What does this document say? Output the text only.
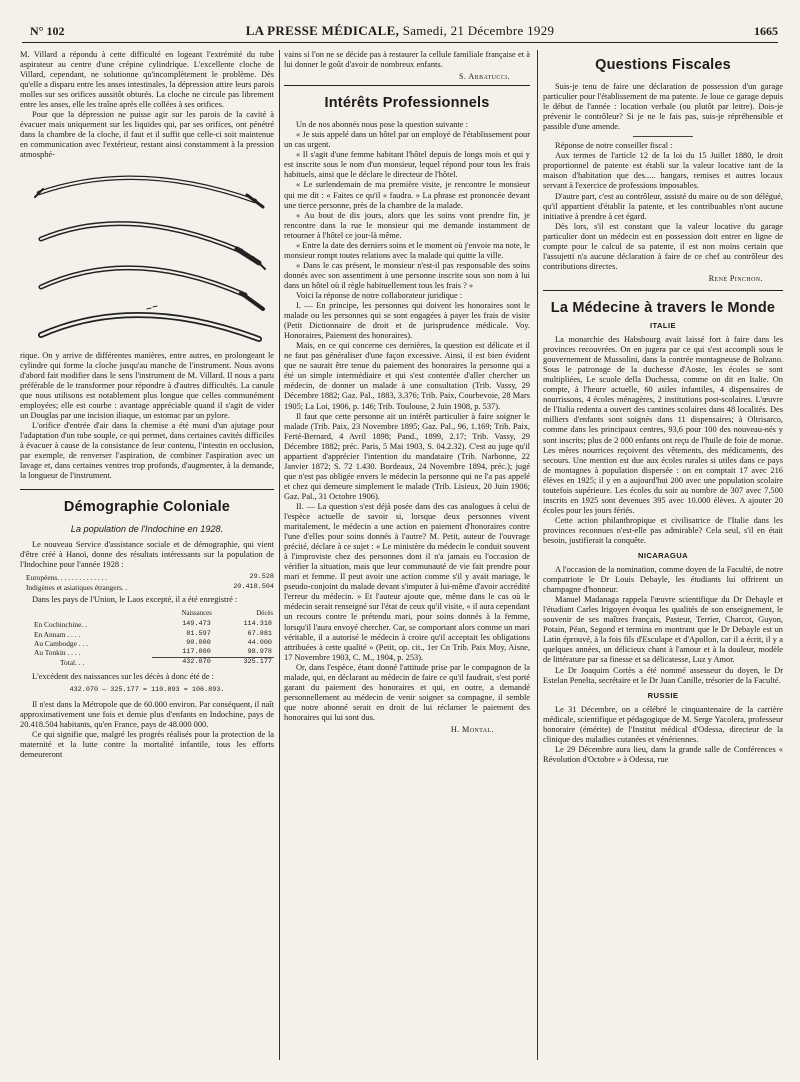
N° 102	LA PRESSE MÉDICALE, Samedi, 21 Décembre 1929	1665

M. Villard a répondu à cette difficulté en logeant l'extrémité du tube aspirateur au centre d'une crépine cylindrique. L'excellente cloche de Villard, cependant, ne solutionne qu'incomplètement le problème. Dès qu'elle a disparu entre les anses intestinales, la dépression attire leurs parois molles sur ses orifices aussitôt obturés. La cloche ne circule pas librement entre les anses, elle les traîne après elle collées à ses orifices.

Pour que la dépression ne puisse agir sur les parois de la cavité à évacuer mais uniquement sur les liquides qui, par ses orifices, ont pénétré dans la chambre de la cloche, il faut et il suffit que celle-ci soit maintenue en communication avec l'extérieur, restant ainsi constamment à la pression atmosphé-

rique. On y arrive de différentes manières, entre autres, en prolongeant le cylindre qui forme la cloche jusqu'au manche de l'instrument. Nous avons d'abord fait modifier dans le sens l'instrument de M. Villard. Il nous a paru préférable de le transformer pour répondre à d'autres difficultés. La canule que nous utilisons est notablement plus longue que celles communément employées; elle est courbe : avantage appréciable quand il s'agit de vider un Douglas par une incision iliaque, un estomac par un pylore.

L'orifice d'entrée d'air dans la chemise a été muni d'un ajutage pour l'adaptation d'un tube souple, ce qui permet, dans certaines cavités difficiles à évacuer à cause de la consistance de leur contenu, l'intestin en occlusion, par exemple, de renverser l'aspiration, de combiner l'aspiration avec un lavage et, dans certaines ventres trop profonds, d'augmenter, à la demande, la longueur de l'instrument.

Démographie Coloniale
La population de l'Indochine en 1928.

Le nouveau Service d'assistance sociale et de démographie, qui vient d'être créé à Hanoï, donne des résultats intéressants sur la population de l'Indochine pour l'année 1928 :

Européens. . . . . . . . . . . . . .	29.528
Indigènes et asiatiques étrangers. .	20.418.504

Dans les pays de l'Union, le Laos excepté, il a été enregistré :

	Naissances	Décès
En Cochinchine. .	149.473	114.318
En Annam . . . .	81.597	67.881
Au Cambodge . . .	90.000	44.000
Au Tonkin . . . .	117.000	98.978
Total. . .	432.070	325.177

L'excédent des naissances sur les décès à donc été de :

432.070 — 325.177 = 110.893 = 106.893.

Il n'est dans la Métropole que de 60.000 environ. Par conséquent, il naît approximativement une fois et demie plus d'enfants en Indochine, pays de 20.418.504 habitants, qu'en France, pays de 48.000 000.

Ce qui signifie que, malgré les progrès réalisés pour la protection de la maternité et la lutte contre la mortalité infantile, tous les efforts demeureront

vains si l'on ne se décide pas à restaurer la cellule familiale française et à lui donner le goût d'avoir de nombreux enfants.

S. Abbatucci.
Intérêts Professionnels

Un de nos abonnés nous pose la question suivante :

« Je suis appelé dans un hôtel par un employé de l'établissement pour un cas urgent.

« Il s'agit d'une femme habitant l'hôtel depuis de longs mois et qui y est inscrite sous le nom d'un monsieur, lequel répond pour tous les frais habituels, ainsi que le déclare le directeur de l'hôtel.

« Le surlendemain de ma première visite, je rencontre le monsieur qui me dit : « Faites ce qu'il « faudra. » La phrase est prononcée devant une tierce personne, près de la chambre de la malade.

« Au bout de dix jours, alors que les soins vont prendre fin, je rencontre dans la rue le monsieur qui me demande instamment de retourner à l'hôtel ce jour-là même.

« Entre la date des derniers soins et le moment où j'envoie ma note, le monsieur rompt toutes relations avec la malade qui quitte la ville.

« Dans le cas présent, le monsieur n'est-il pas responsable des soins donnés avec son assentiment à une personne inscrite sous son nom à lui dans un hôtel où il règle habituellement tous les frais ? »

Voici la réponse de notre collaborateur juridique :

I. — En principe, les personnes qui doivent les honoraires sont le malade ou les personnes qui se sont engagées à payer les frais de visite (Petit Dictionnaire de droit et de jurisprudence médicale. Voy. Honoraires, Paiement des honoraires).

Mais, en ce qui concerne ces dernières, la question est délicate et il ne faut pas généraliser d'une façon excessive. Ainsi, il est bien évident que ne saurait être tenue du paiement des honoraires la personne qui a été un simple intermédiaire et qui s'est contentée d'aller chercher un médecin, de donner un malade à une consultation (Trib. Vassy, 29 Décembre 1882; Gaz. Pal., 1883, 3.376; Trib. Paix, Courbevoie, 28 Mars 1905; La Loi, 1906, p. 146; Trib. Toulouse, 2 Juin 1908, p. 537).

Il faut que cette personne ait un intérêt particulier à faire soigner le malade (Trib. Paix, 23 Novembre 1895; Gaz. Pal., 96, 1.169; Trib. Paix, Ferté-Bernard, 4 Avril 1898; Pand., 1899, 2.17; Trib. Vassy, 29 Décembre 1882; préc. Paris, 5 Mai 1903, S. 04.2.32). C'est au juge qu'il appartient d'apprécier l'intention du mandataire (Trib. Narbonne, 22 Janvier 1872; S. 72 1.430. Bordeaux, 24 Novembre 1894, préc.); jugé que n'est pas obligée envers le médecin la personne qui ne l'a pas appelé et chez qui demeure simplement le malade (Trib. Lisieux, 20 Juin 1906; Gaz. Pal., 31 Octobre 1906).

II. — La question s'est déjà posée dans des cas analogues à celui de l'espèce actuelle de savoir si, lorsque deux personnes vivent maritalement, le médecin a une action en paiement d'honoraires contre l'une d'elles pour soins donnés à l'autre? M. Petit, auteur de l'ouvrage précité, déclare à ce sujet : « Le ministère du médecin le conduit souvent à l'improviste chez des personnes dont il n'a jamais eu l'occasion de vérifier la situation, mais que leur communauté de vie fait prendre pour mari et femme. Il peut avoir une action comme s'il y avait mariage, le pseudo-conjoint du malade devant s'imputer à lui-même d'avoir accrédité l'erreur du médecin. » Et l'auteur ajoute que, même dans le cas où le médecin serait renseigné sur l'état de ceux qu'il visite, « il aura cependant un recours contre le prétendu mari, pour soins donnés à la femme, lorsqu'il l'aura envoyé chercher. Car, se comportant alors comme un mari véritable, il a autorisé le médecin à croire qu'il acceptait les obligations attribuées à cette qualité » (Petit, op. cit., 1er Cn Trib. Paix Moy, Aisne, 17 Novembre 1903, C. M., 1904, p. 253).

Or, dans l'espèce, étant donné l'attitude prise par le compagnon de la malade, qui, en déclarant au médecin de faire ce qu'il faudrait, s'est porté garant du paiement des honoraires et qui, en outre, a demandé personnellement au médecin de venir soigner sa compagne, il semble que notre abonné serait en droit de lui réclamer le paiement des honoraires qui lui sont dus.

H. Montal.
Questions Fiscales

Suis-je tenu de faire une déclaration de possession d'un garage particulier pour l'établissement de ma patente. Je loue ce garage depuis le début de l'année : location verbale (ou plutôt par lettre). Dois-je prévenir le contrôleur? Si je ne le fais pas, suis-je répréhensible et passible d'une amende.

Réponse de notre conseiller fiscal :

Aux termes de l'article 12 de la loi du 15 Juillet 1880, le droit proportionnel de patente est établi sur la valeur locative tant de la maison d'habitation que des..... hangars, remises et autres locaux servant à l'exercice de professions imposables.

D'autre part, c'est au contrôleur, assisté du maire ou de son délégué, qu'il appartient d'établir la patente, et les contribuables n'ont aucune initiative à prendre à cet égard.

Dès lors, s'il est constant que la valeur locative du garage particulier dont un médecin est en possession doit entrer en ligne de compte pour le calcul de sa patente, il est non moins certain que l'assujetti n'a aucune déclaration à faire de ce chef au contrôleur des contributions directes.

René Pinchon.
La Médecine à travers le Monde
ITALIE

La monarchie des Habsbourg avait laissé fort à faire dans les provinces recouvrées. On en jugera par ce qui s'est accompli sous le gouvernement de Mussolini, dans la contrée montagneuse de Bolzano. Sous le patronage de la duchesse d'Aoste, les écoles se sont multipliées, Le scuole della Duchessa, comme on dit en Italie. On compte, à l'heure actuelle, 60 asiles infantiles, 4 dispensaires de nourrissons, 4 écoles ménagères, 2 institutions post-scolaires. L'œuvre de l'Italia redenta a ouvert des cantines scolaires dans 48 localités. Des milliers d'enfants sont soignés dans 11 dispensaires; à Oltrisarco, comme dans les principaux centres, 93,6 pour 100 des nouveau-nés y sont inscrits; plus de 2 000 enfants ont reçu de l'huile de foie de morue. Les mères nourrices reçoivent des vêtements, des médicaments, des secours. Une mention est due aux écoles rurales si utiles dans ce pays de montagnes à population dispersée : on en comptait 17 avec 216 élèves en 1925; il y en a aujourd'hui 200 avec une population scolaire toutefois supérieure. Les écoles du soir au nombre de 307 avec 7.500 inscrits en 1925 sont devenues 395 avec 10.000 élèves. A ajouter 20 écoles pour les jours fériés.

Cette action philanthropique et civilisatrice de l'Italie dans les provinces reconnues n'est-elle pas admirable? Cela seul, s'il en était besoin, justifierait la conquête.

NICARAGUA

A l'occasion de la nomination, comme doyen de la Faculté, de notre compatriote le Dr Louis Debayle, les étudiants lui offrirent un champagne d'honneur.

Manuel Madanaga rappela l'œuvre scientifique du Dr Debayle et l'étudiant Carles Irigoyen évoqua les qualités de son enseignement, le souvenir de ses maîtres français, Pasteur, Terrier, Charcot, Guyon, Potain, Péan, Segond et termina en montrant que le Dr Debayle est un Latin éprouvé, à la fois fils d'Esculape et d'Apollon, car il a écrit, il y a quelques années, un délicieux chant à l'amour et à la douleur, modèle de littérature par sa finesse et sa délicatesse, Luz y Amor.

Le Dr Joaquim Cortès a été nommé assesseur du doyen, le Dr Estelan Penelta, secrétaire et le Dr Juan Canille, trésorier de la Faculté.

RUSSIE

Le 31 Décembre, on a célébré le cinquantenaire de la carrière médicale, scientifique et pédagogique de M. Serge Yacolera, professeur honoraire (émérite) de l'Institut médical d'Odessa, directeur de la clinique des maladies cutanées et vénériennes.

Le 29 Décembre aura lieu, dans la grande salle de Conférences « Révolution d'Octobre » à Odessa, rue
